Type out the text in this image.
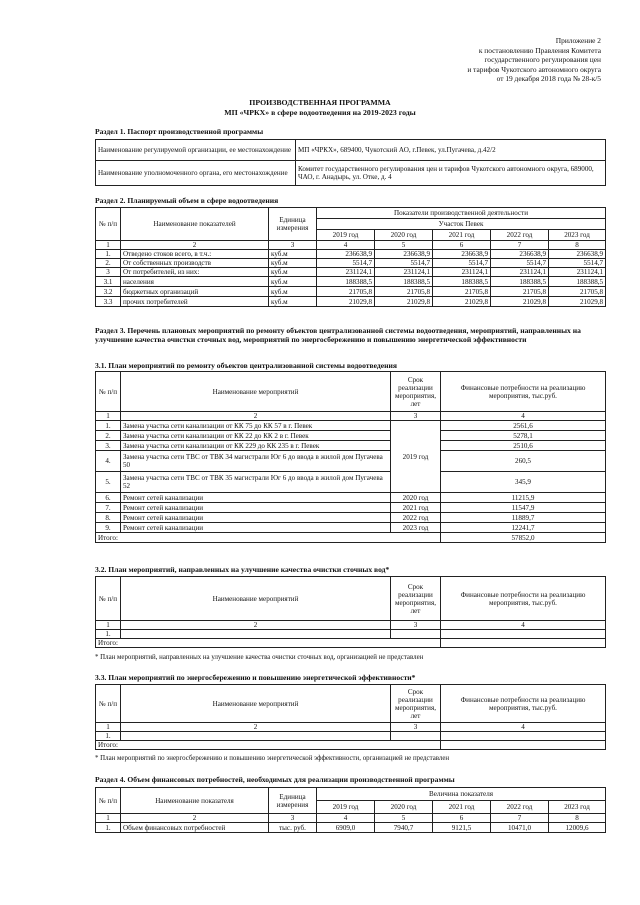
Приложение 2
к постановлению Правления Комитета
государственного регулирования цен
и тарифов Чукотского автономного округа
от 19 декабря 2018 года № 28-к/5
ПРОИЗВОДСТВЕННАЯ ПРОГРАММА
МП «ЧРКХ» в сфере водоотведения на 2019-2023 годы
Раздел 1. Паспорт производственной программы
Наименование регулируемой организации, ее местонахождение	МП «ЧРКХ», 689400, Чукотский АО, г.Певек, ул.Пугачева, д.42/2
Наименование уполномоченного органа, его местонахождение	Комитет государственного регулирования цен и тарифов Чукотского автономного округа, 689000, ЧАО, г. Анадырь, ул. Отке, д. 4
Раздел 2. Планируемый объем в сфере водоотведения
№ п/п	Наименование показателей	Единица измерения	Показатели производственной деятельности				
			Участок Певек				
			2019 год	2020 год	2021 год	2022 год	2023 год
1	2	3	4	5	6	7	8
1.	Отведено стоков всего, в т.ч.:	куб.м	236638,9	236638,9	236638,9	236638,9	236638,9
2.	От собственных производств	куб.м	5514,7	5514,7	5514,7	5514,7	5514,7
3	От потребителей, из них:	куб.м	231124,1	231124,1	231124,1	231124,1	231124,1
3.1	населения	куб.м	188388,5	188388,5	188388,5	188388,5	188388,5
3.2	бюджетных организаций	куб.м	21705,8	21705,8	21705,8	21705,8	21705,8
3.3	прочих потребителей	куб.м	21029,8	21029,8	21029,8	21029,8	21029,8
Раздел 3. Перечень плановых мероприятий по ремонту объектов централизованной системы водоотведения, мероприятий, направленных на улучшение качества очистки сточных вод, мероприятий по энергосбережению и повышению энергетической эффективности
3.1. План мероприятий по ремонту объектов централизованной системы водоотведения
№ п/п	Наименование мероприятий	Срок реализации мероприятия, лет	Финансовые потребности на реализацию мероприятия, тыс.руб.
1	2	3	4
1.	Замена участка сети канализации от КК 75 до КК 57 в г. Певек	2019 год	2561,6
2.	Замена участка сети канализации от КК 22 до КК 2 в г. Певек		5278,1
3.	Замена участка сети канализации от КК 229 до КК 235 в г. Певек		2510,6
4.	Замена участка сети ТВС от ТВК 34 магистрали Юг 6 до ввода в жилой дом Пугачева 50		260,5
5.	Замена участка сети ТВС от ТВК 35 магистрали Юг 6 до ввода в жилой дом Пугачева 52		345,9
6.	Ремонт сетей канализации	2020 год	11215,9
7.	Ремонт сетей канализации	2021 год	11547,9
8.	Ремонт сетей канализации	2022 год	11889,7
9.	Ремонт сетей канализации	2023 год	12241,7
Итого:			57852,0
3.2. План мероприятий, направленных на улучшение качества очистки сточных вод*
№ п/п	Наименование мероприятий	Срок реализации мероприятия, лет	Финансовые потребности на реализацию мероприятия, тыс.руб.
1	2	3	4
1.			
Итого:			
* План мероприятий, направленных на улучшение качества очистки сточных вод, организацией не представлен
3.3. План мероприятий по энергосбережению и повышению энергетической эффективности*
№ п/п	Наименование мероприятий	Срок реализации мероприятия, лет	Финансовые потребности на реализацию мероприятия, тыс.руб.
1	2	3	4
1.			
Итого:			
* План мероприятий по энергосбережению и повышению энергетической эффективности, организацией не представлен
Раздел 4. Объем финансовых потребностей, необходимых для реализации производственной программы
№ п/п	Наименование показателя	Единица измерения	Величина показателя				
			2019 год	2020 год	2021 год	2022 год	2023 год
1	2	3	4	5	6	7	8
1.	Объем финансовых потребностей	тыс. руб.	6909,0	7940,7	9121,5	10471,0	12009,6
